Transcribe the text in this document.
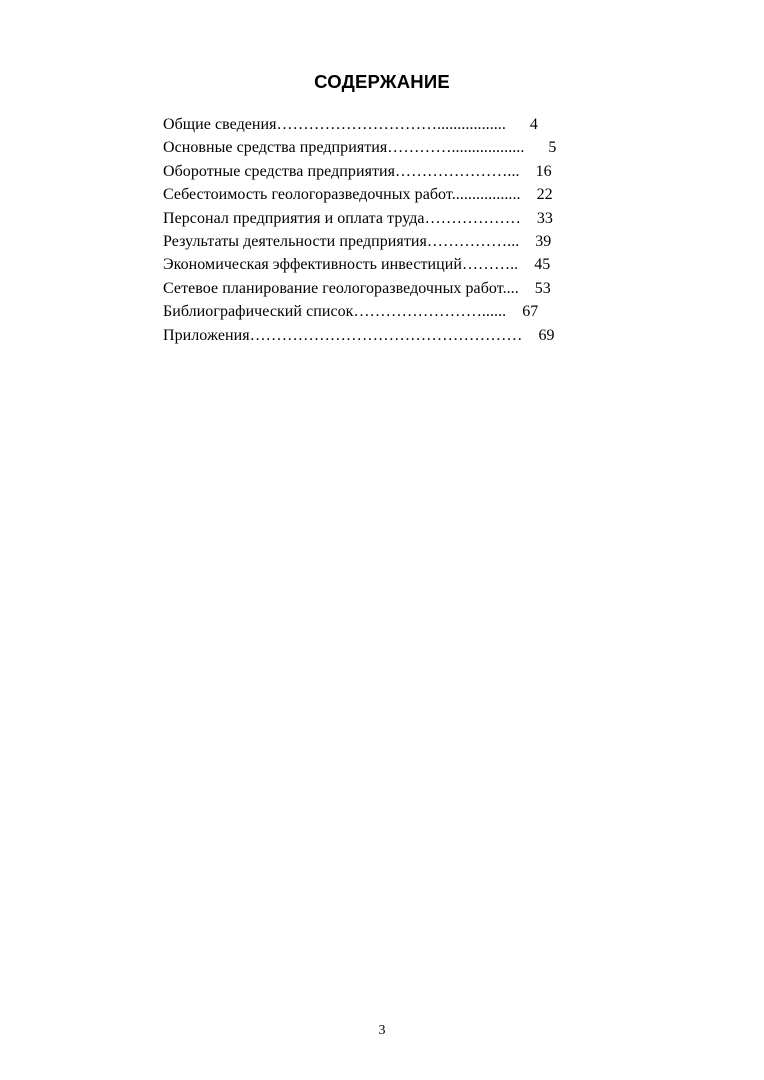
СОДЕРЖАНИЕ
Общие сведения………………………….................	4
Основные средства предприятия…………..................	5
Оборотные средства предприятия…………………...	16
Себестоимость геологоразведочных работ.................	22
Персонал предприятия и оплата труда………………	33
Результаты деятельности предприятия……………...	39
Экономическая эффективность инвестиций………..	45
Сетевое планирование геологоразведочных работ....	53
Библиографический список……………………......	67
Приложения……………………………………………	69

3
